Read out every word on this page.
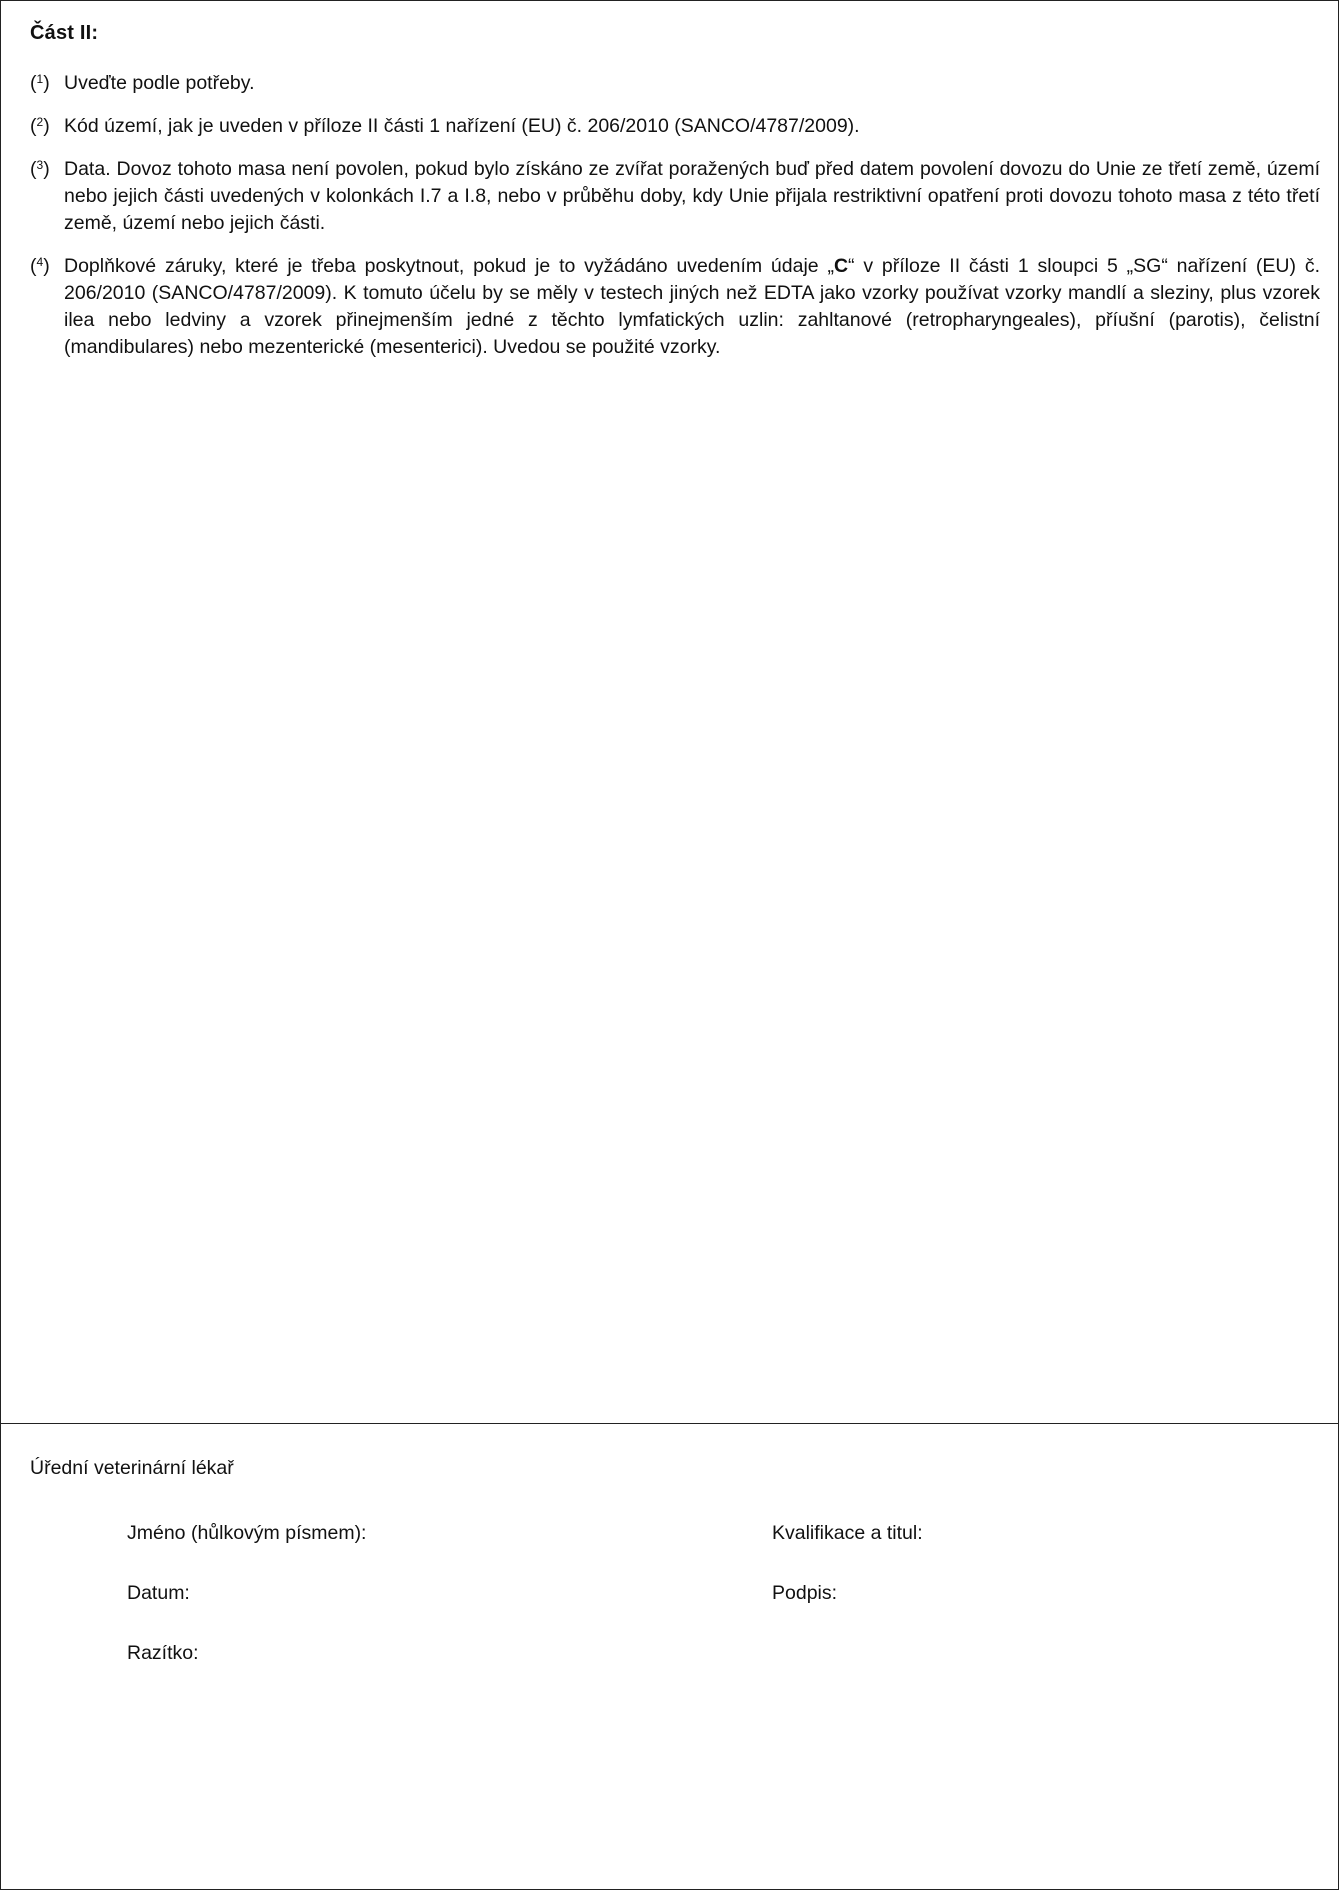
Část II:
($^1$) Uveďte podle potřeby.
($^2$) Kód území, jak je uveden v příloze II části 1 nařízení (EU) č. 206/2010 (SANCO/4787/2009).
($^3$) Data. Dovoz tohoto masa není povolen, pokud bylo získáno ze zvířat poražených buď před datem povolení dovozu do Unie ze třetí země, území nebo jejich části uvedených v kolonkách I.7 a I.8, nebo v průběhu doby, kdy Unie přijala restriktivní opatření proti dovozu tohoto masa z této třetí země, území nebo jejich části.
($^4$) Doplňkové záruky, které je třeba poskytnout, pokud je to vyžádáno uvedením údaje „C“ v příloze II části 1 sloupci 5 „SG“ nařízení (EU) č. 206/2010 (SANCO/4787/2009). K tomuto účelu by se měly v testech jiných než EDTA jako vzorky používat vzorky mandlí a sleziny, plus vzorek ilea nebo ledviny a vzorek přinejmenším jedné z těchto lymfatických uzlin: zahltanové (retropharyngeales), příušní (parotis), čelistní (mandibulares) nebo mezenterické (mesenterici). Uvedou se použité vzorky.
Úřední veterinární lékař
Jméno (hůlkovým písmem):	Kvalifikace a titul:
Datum:	Podpis:
Razítko:
